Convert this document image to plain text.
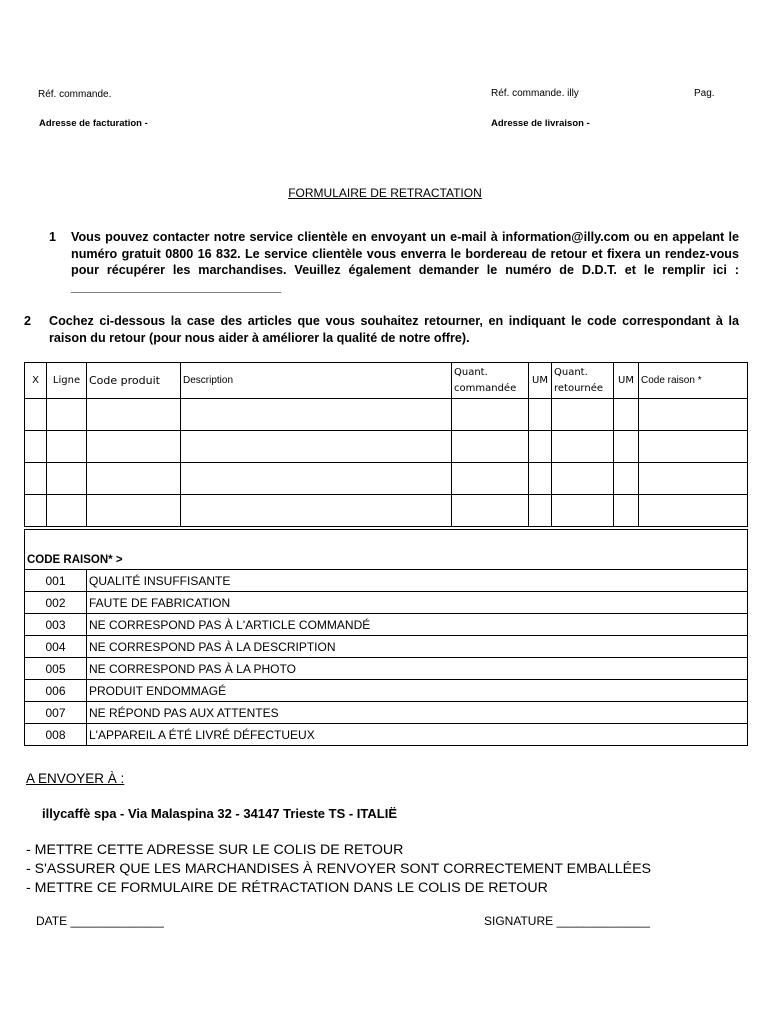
Réf. commande.	Réf. commande. illy	Pag.
Adresse de facturation -	Adresse de livraison -
FORMULAIRE DE RETRACTATION
1 Vous pouvez contacter notre service clientèle en envoyant un e-mail à information@illy.com ou en appelant le numéro gratuit 0800 16 832. Le service clientèle vous enverra le bordereau de retour et fixera un rendez-vous pour récupérer les marchandises. Veuillez également demander le numéro de D.D.T. et le remplir ici : ______________________________
2 Cochez ci-dessous la case des articles que vous souhaitez retourner, en indiquant le code correspondant à la raison du retour (pour nous aider à améliorer la qualité de notre offre).
X	Ligne	Code produit	Description	Quant. commandée	UM	Quant. retournée	UM	Code raison *

CODE RAISON* >	
001	QUALITÉ INSUFFISANTE
002	FAUTE DE FABRICATION
003	NE CORRESPOND PAS À L'ARTICLE COMMANDÉ
004	NE CORRESPOND PAS À LA DESCRIPTION
005	NE CORRESPOND PAS À LA PHOTO
006	PRODUIT ENDOMMAGÉ
007	NE RÉPOND PAS AUX ATTENTES
008	L'APPAREIL A ÉTÉ LIVRÉ DÉFECTUEUX
A ENVOYER À :
illycaffè spa - Via Malaspina 32 - 34147 Trieste TS - ITALIË
- METTRE CETTE ADRESSE SUR LE COLIS DE RETOUR
- S'ASSURER QUE LES MARCHANDISES À RENVOYER SONT CORRECTEMENT EMBALLÉES
- METTRE CE FORMULAIRE DE RÉTRACTATION DANS LE COLIS DE RETOUR
DATE ______________	SIGNATURE ______________
